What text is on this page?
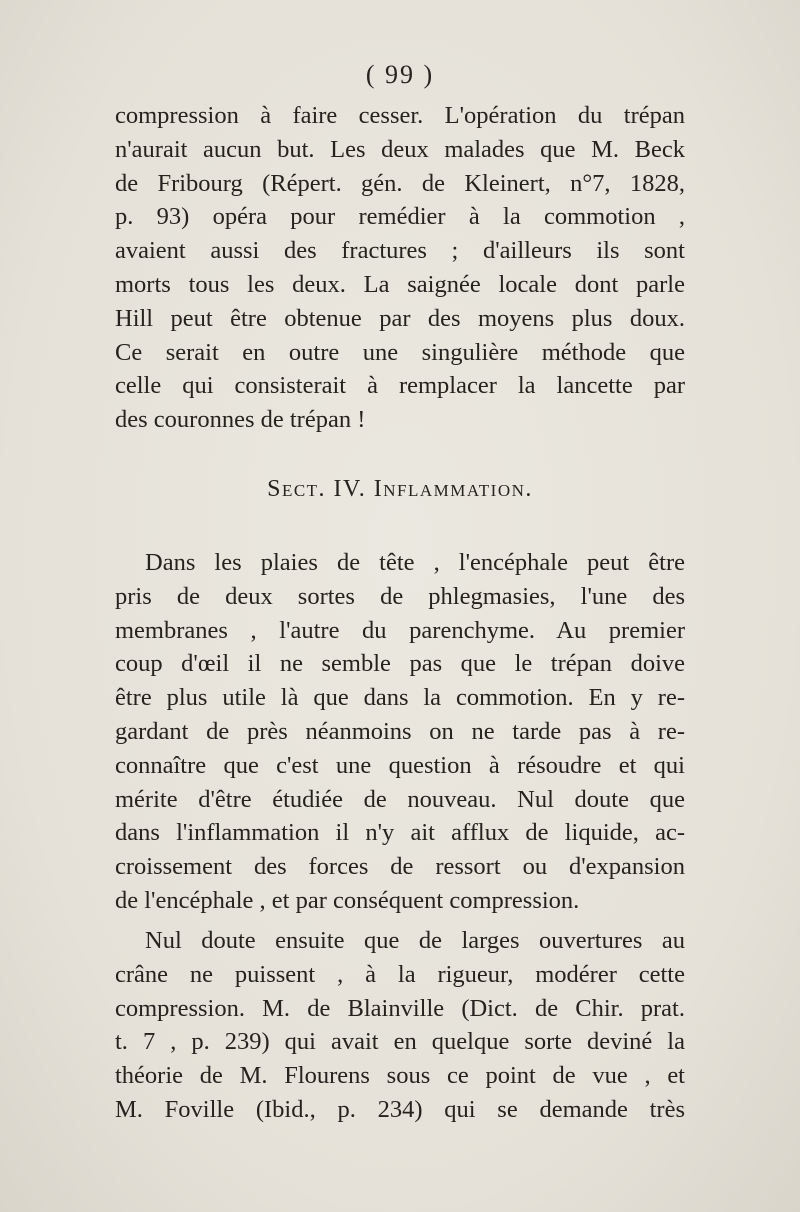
( 99 )
compression à faire cesser. L'opération du trépan
n'aurait aucun but. Les deux malades que M. Beck
de Fribourg (Répert. gén. de Kleinert, n°7, 1828,
p. 93) opéra pour remédier à la commotion ,
avaient aussi des fractures ; d'ailleurs ils sont
morts tous les deux. La saignée locale dont parle
Hill peut être obtenue par des moyens plus doux.
Ce serait en outre une singulière méthode que
celle qui consisterait à remplacer la lancette par
des couronnes de trépan !
Sect. IV. Inflammation.
Dans les plaies de tête , l'encéphale peut être
pris de deux sortes de phlegmasies, l'une des
membranes , l'autre du parenchyme. Au premier
coup d'œil il ne semble pas que le trépan doive
être plus utile là que dans la commotion. En y re-
gardant de près néanmoins on ne tarde pas à re-
connaître que c'est une question à résoudre et qui
mérite d'être étudiée de nouveau. Nul doute que
dans l'inflammation il n'y ait afflux de liquide, ac-
croissement des forces de ressort ou d'expansion
de l'encéphale , et par conséquent compression.
Nul doute ensuite que de larges ouvertures au
crâne ne puissent , à la rigueur, modérer cette
compression. M. de Blainville (Dict. de Chir. prat.
t. 7 , p. 239) qui avait en quelque sorte deviné la
théorie de M. Flourens sous ce point de vue , et
M. Foville (Ibid., p. 234) qui se demande très
